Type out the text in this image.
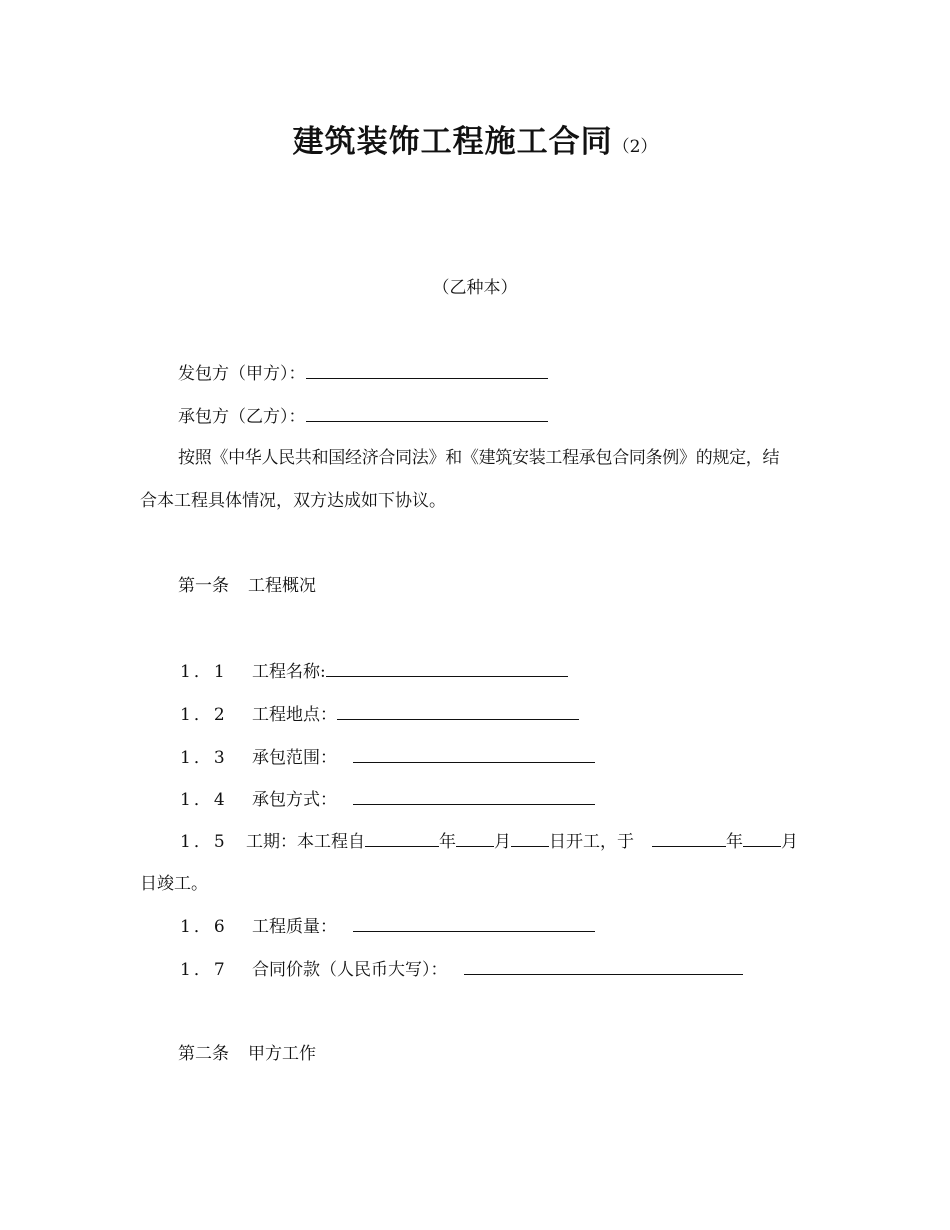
建筑装饰工程施工合同（2）
（乙种本）
发包方（甲方）：
承包方（乙方）：
按照《中华人民共和国经济合同法》和《建筑安装工程承包合同条例》的规定，结
合本工程具体情况，双方达成如下协议。
第一条 工程概况
1．1 工程名称:
1．2 工程地点：
1．3 承包范围：
1．4 承包方式：
1．5 工期：本工程自	年 月 日开工，于	年 月
日竣工。
1．6 工程质量：
1．7 合同价款（人民币大写）：
第二条 甲方工作
